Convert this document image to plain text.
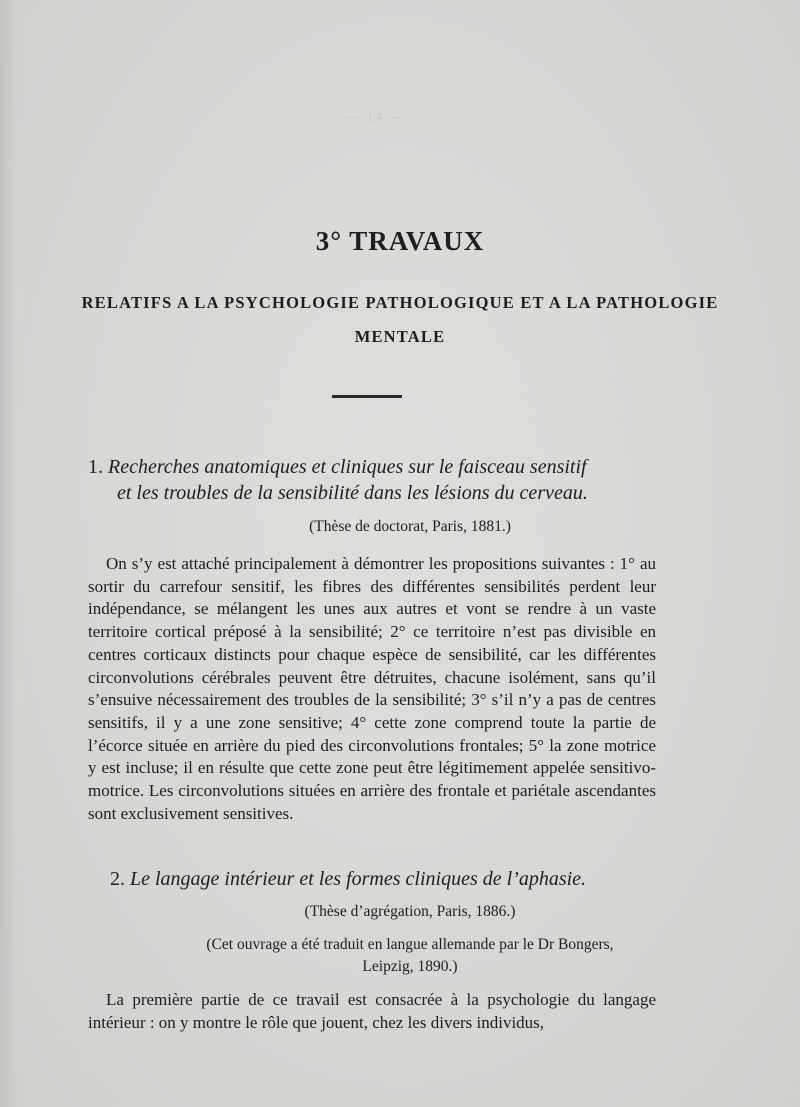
— 14 —
3° TRAVAUX
RELATIFS A LA PSYCHOLOGIE PATHOLOGIQUE ET A LA PATHOLOGIE MENTALE
1. Recherches anatomiques et cliniques sur le faisceau sensitif
et les troubles de la sensibilité dans les lésions du cerveau.
(Thèse de doctorat, Paris, 1881.)

On s’y est attaché principalement à démontrer les propositions suivantes : 1° au sortir du carrefour sensitif, les fibres des différentes sensibilités perdent leur indépendance, se mélangent les unes aux autres et vont se rendre à un vaste territoire cortical préposé à la sensibilité; 2° ce territoire n’est pas divisible en centres corticaux distincts pour chaque espèce de sensibilité, car les différentes circonvolutions cérébrales peuvent être détruites, chacune isolément, sans qu’il s’ensuive nécessairement des troubles de la sensibilité; 3° s’il n’y a pas de centres sensitifs, il y a une zone sensitive; 4° cette zone comprend toute la partie de l’écorce située en arrière du pied des circonvolutions frontales; 5° la zone motrice y est incluse; il en résulte que cette zone peut être légitimement appelée sensitivo-motrice. Les circonvolutions situées en arrière des frontale et pariétale ascendantes sont exclusivement sensitives.

2. Le langage intérieur et les formes cliniques de l’aphasie.
(Thèse d’agrégation, Paris, 1886.)
(Cet ouvrage a été traduit en langue allemande par le Dr Bongers,
Leipzig, 1890.)

La première partie de ce travail est consacrée à la psychologie du langage intérieur : on y montre le rôle que jouent, chez les divers individus,
